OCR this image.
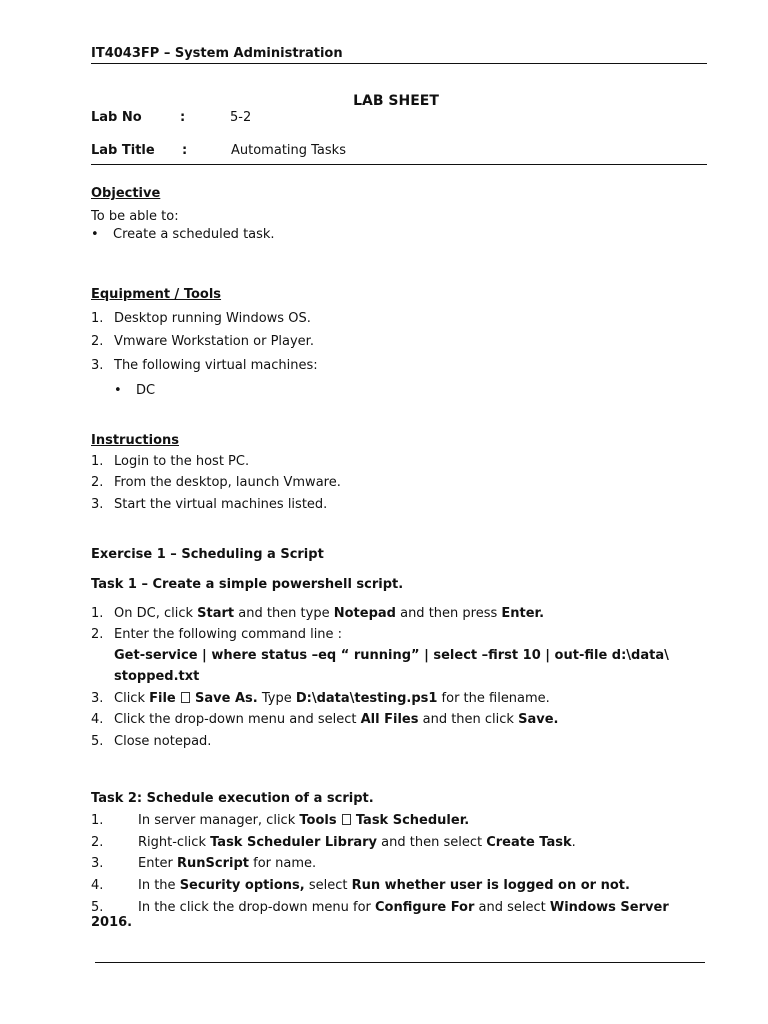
IT4043FP – System Administration
LAB SHEET
Lab No	:	5-2
Lab Title :	Automating Tasks
Objective
To be able to:
• Create a scheduled task.
Equipment / Tools
1. Desktop running Windows OS.
2. Vmware Workstation or Player.
3. The following virtual machines:
• DC
Instructions
1. Login to the host PC.
2. From the desktop, launch Vmware.
3. Start the virtual machines listed.
Exercise 1 – Scheduling a Script
Task 1 – Create a simple powershell script.
1. On DC, click Start and then type Notepad and then press Enter.
2. Enter the following command line :
Get-service | where status –eq “ running” | select –first 10 | out-file d:\data\
stopped.txt
3. Click File Save As. Type D:\data\testing.ps1 for the filename.
4. Click the drop-down menu and select All Files and then click Save.
5. Close notepad.
Task 2: Schedule execution of a script.
1.	In server manager, click Tools Task Scheduler.
2.	Right-click Task Scheduler Library and then select Create Task.
3.	Enter RunScript for name.
4.	In the Security options, select Run whether user is logged on or not.
5.	In the click the drop-down menu for Configure For and select Windows Server
2016.
